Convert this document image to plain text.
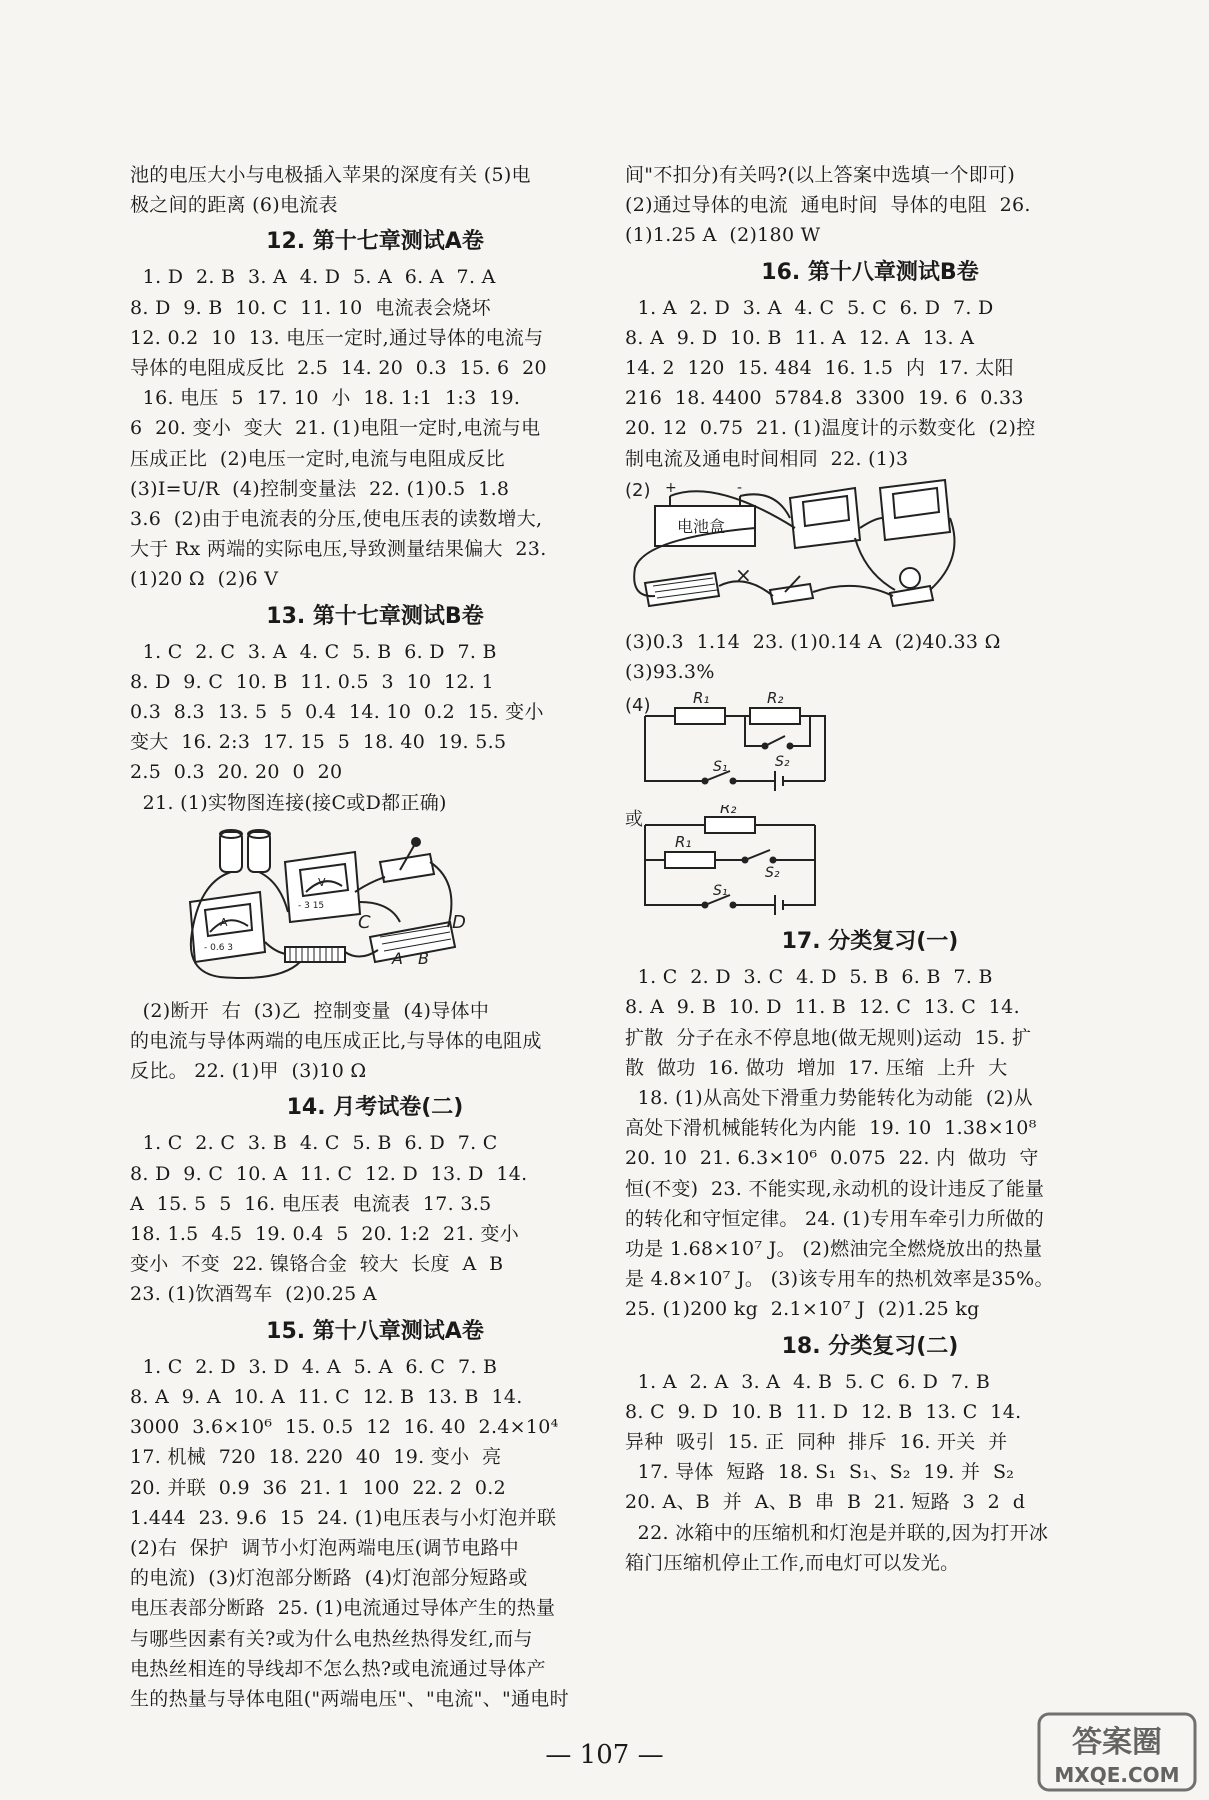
池的电压大小与电极插入苹果的深度有关 (5)电
极之间的距离 (6)电流表
12. 第十七章测试A卷
1. D  2. B  3. A  4. D  5. A  6. A  7. A
8. D  9. B  10. C  11. 10  电流表会烧坏
12. 0.2  10  13. 电压一定时,通过导体的电流与
导体的电阻成反比  2.5  14. 20  0.3  15. 6  20
16. 电压  5  17. 10  小  18. 1:1  1:3  19.
6  20. 变小  变大  21. (1)电阻一定时,电流与电
压成正比  (2)电压一定时,电流与电阻成反比
(3)I=U/R  (4)控制变量法  22. (1)0.5  1.8
3.6  (2)由于电流表的分压,使电压表的读数增大,
大于 Rx 两端的实际电压,导致测量结果偏大  23.
(1)20 Ω  (2)6 V
13. 第十七章测试B卷
1. C  2. C  3. A  4. C  5. B  6. D  7. B
8. D  9. C  10. B  11. 0.5  3  10  12. 1
0.3  8.3  13. 5  5  0.4  14. 10  0.2  15. 变小
变大  16. 2:3  17. 15  5  18. 40  19. 5.5
2.5  0.3  20. 20  0  20
21. (1)实物图连接(接C或D都正确)
C	D
A B
A
V
- 0.6 3
- 3 15
(2)断开  右  (3)乙  控制变量  (4)导体中
的电流与导体两端的电压成正比,与导体的电阻成
反比。 22. (1)甲  (3)10 Ω
14. 月考试卷(二)
1. C  2. C  3. B  4. C  5. B  6. D  7. C
8. D  9. C  10. A  11. C  12. D  13. D  14.
A  15. 5  5  16. 电压表  电流表  17. 3.5
18. 1.5  4.5  19. 0.4  5  20. 1:2  21. 变小
变小  不变  22. 镍铬合金  较大  长度  A  B
23. (1)饮酒驾车  (2)0.25 A
15. 第十八章测试A卷
1. C  2. D  3. D  4. A  5. A  6. C  7. B
8. A  9. A  10. A  11. C  12. B  13. B  14.
3000  3.6×10⁶  15. 0.5  12  16. 40  2.4×10⁴
17. 机械  720  18. 220  40  19. 变小  亮
20. 并联  0.9  36  21. 1  100  22. 2  0.2
1.444  23. 9.6  15  24. (1)电压表与小灯泡并联
(2)右  保护  调节小灯泡两端电压(调节电路中
的电流)  (3)灯泡部分断路  (4)灯泡部分短路或
电压表部分断路  25. (1)电流通过导体产生的热量
与哪些因素有关?或为什么电热丝热得发红,而与
电热丝相连的导线却不怎么热?或电流通过导体产
生的热量与导体电阻("两端电压"、"电流"、"通电时
间"不扣分)有关吗?(以上答案中选填一个即可)
(2)通过导体的电流  通电时间  导体的电阻  26.
(1)1.25 A  (2)180 W
16. 第十八章测试B卷
1. A  2. D  3. A  4. C  5. C  6. D  7. D
8. A  9. D  10. B  11. A  12. A  13. A
14. 2  120  15. 484  16. 1.5  内  17. 太阳
216  18. 4400  5784.8  3300  19. 6  0.33
20. 12  0.75  21. (1)温度计的示数变化  (2)控
制电流及通电时间相同  22. (1)3
(2)
×
电池盒
+	-
(3)0.3  1.14  23. (1)0.14 A  (2)40.33 Ω
(3)93.3%
(4)	R₁	R₂
S₂
S₁
或
R₂
R₁
S₂
S₁
17. 分类复习(一)
1. C  2. D  3. C  4. D  5. B  6. B  7. B
8. A  9. B  10. D  11. B  12. C  13. C  14.
扩散  分子在永不停息地(做无规则)运动  15. 扩
散  做功  16. 做功  增加  17. 压缩  上升  大
18. (1)从高处下滑重力势能转化为动能  (2)从
高处下滑机械能转化为内能  19. 10  1.38×10⁸
20. 10  21. 6.3×10⁶  0.075  22. 内  做功  守
恒(不变)  23. 不能实现,永动机的设计违反了能量
的转化和守恒定律。 24. (1)专用车牵引力所做的
功是 1.68×10⁷ J。 (2)燃油完全燃烧放出的热量
是 4.8×10⁷ J。 (3)该专用车的热机效率是35%。
25. (1)200 kg  2.1×10⁷ J  (2)1.25 kg
18. 分类复习(二)
1. A  2. A  3. A  4. B  5. C  6. D  7. B
8. C  9. D  10. B  11. D  12. B  13. C  14.
异种  吸引  15. 正  同种  排斥  16. 开关  并
17. 导体  短路  18. S₁  S₁、S₂  19. 并  S₂
20. A、B  并  A、B  串  B  21. 短路  3  2  d
22. 冰箱中的压缩机和灯泡是并联的,因为打开冰
箱门压缩机停止工作,而电灯可以发光。
— 107 —	答案圈
MXQE.COM
